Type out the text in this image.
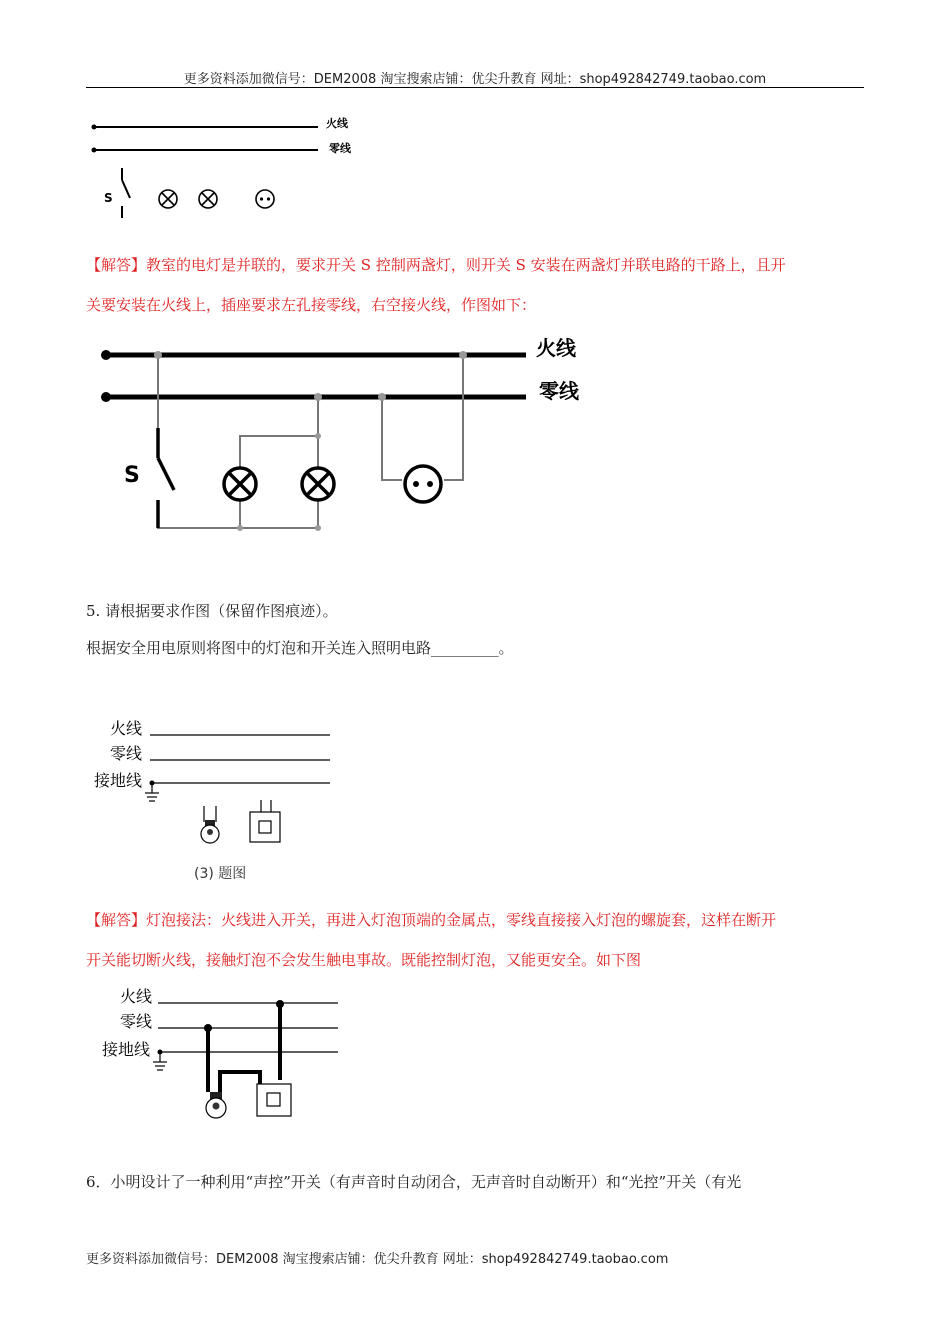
更多资料添加微信号：DEM2008 淘宝搜索店铺：优尖升教育 网址：shop492842749.taobao.com
火线
零线
S
【解答】教室的电灯是并联的，要求开关 S 控制两盏灯，则开关 S 安装在两盏灯并联电路的干路上，且开
关要安装在火线上，插座要求左孔接零线，右空接火线，作图如下：
火线
零线
S
5. 请根据要求作图（保留作图痕迹）。
根据安全用电原则将图中的灯泡和开关连入照明电路_________。
火线
零线
接地线
(3) 题图
【解答】灯泡接法：火线进入开关，再进入灯泡顶端的金属点，零线直接接入灯泡的螺旋套，这样在断开
开关能切断火线，接触灯泡不会发生触电事故。既能控制灯泡，又能更安全。如下图
火线
零线
接地线
6．小明设计了一种利用“声控”开关（有声音时自动闭合，无声音时自动断开）和“光控”开关（有光
更多资料添加微信号：DEM2008 淘宝搜索店铺：优尖升教育 网址：shop492842749.taobao.com
